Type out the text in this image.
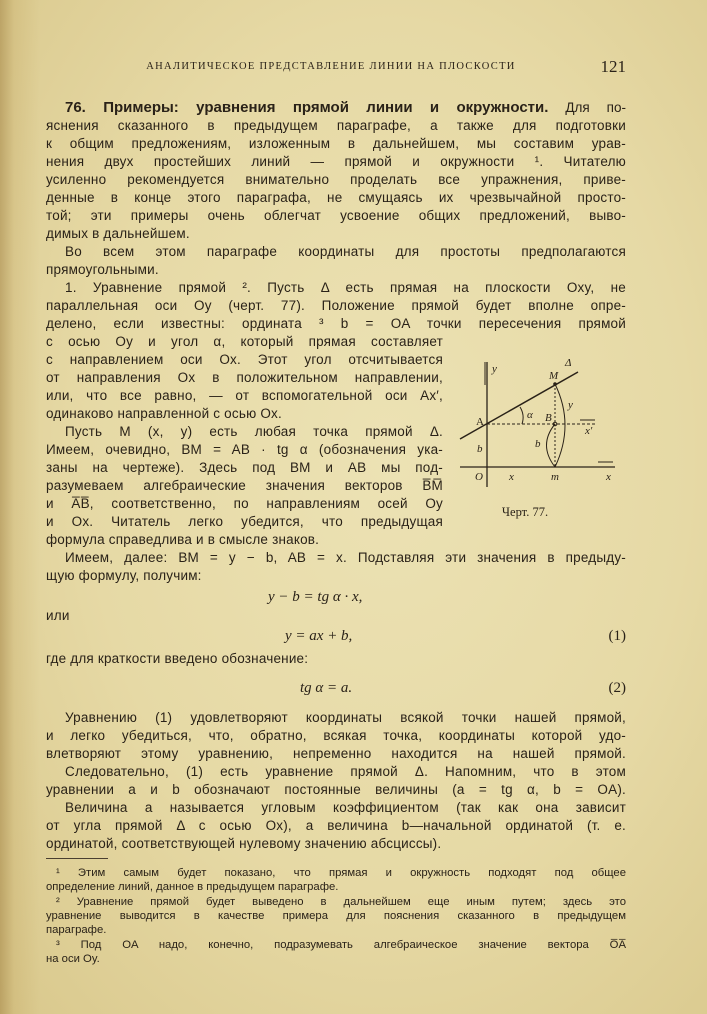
АНАЛИТИЧЕСКОЕ ПРЕДСТАВЛЕНИЕ ЛИНИИ НА ПЛОСКОСТИ	121
76. Примеры: уравнения прямой линии и окружности. Для по-
яснения сказанного в предыдущем параграфе, а также для подготовки
к общим предложениям, изложенным в дальнейшем, мы составим урав-
нения двух простейших линий — прямой и окружности ¹. Читателю
усиленно рекомендуется внимательно проделать все упражнения, приве-
денные в конце этого параграфа, не смущаясь их чрезвычайной просто-
той; эти примеры очень облегчат усвоение общих предложений, выво-
димых в дальнейшем.
Во всем этом параграфе координаты для простоты предполагаются
прямоугольными.
1. Уравнение прямой ². Пусть Δ есть прямая на плоскости Oxy, не
параллельная оси Oy (черт. 77). Положение прямой будет вполне опре-
делено, если известны: ордината ³ b = OA точки пересечения прямой
с осью Oy и угол α, который прямая составляет
с направлением оси Ox. Этот угол отсчитывается
от направления Ox в положительном направлении,
или, что все равно, — от вспомогательной оси Ax′,
одинаково направленной с осью Ox.
Пусть M (x, y) есть любая точка прямой Δ.
Имеем, очевидно, BM = AB · tg α (обозначения ука-
заны на чертеже). Здесь под BM и AB мы под-
разумеваем алгебраические значения векторов B̅M̅
и A̅B̅, соответственно, по направлениям осей Oy
и Ox. Читатель легко убедится, что предыдущая
формула справедлива и в смысле знаков.
Имеем, далее: BM = y − b, AB = x. Подставляя эти значения в предыду-
щую формулу, получим:
или
где для краткости введено обозначение:
Уравнению (1) удовлетворяют координаты всякой точки нашей прямой,
и легко убедиться, что, обратно, всякая точка, координаты которой удо-
влетворяют этому уравнению, непременно находится на нашей прямой.
Следовательно, (1) есть уравнение прямой Δ. Напомним, что в этом
уравнении a и b обозначают постоянные величины (a = tg α, b = OA).
Величина a называется угловым коэффициентом (так как она зависит
от угла прямой Δ с осью Ox), а величина b—начальной ординатой (т. е.
ординатой, соответствующей нулевому значению абсциссы).
y − b = tg α · x,
y = ax + b,	(1)
tg α = a.	(2)
y	Δ
M
y
A
α B
x′
b	b
O x	m	x
Черт. 77.
¹ Этим самым будет показано, что прямая и окружность подходят под общее
определение линий, данное в предыдущем параграфе.
² Уравнение прямой будет выведено в дальнейшем еще иным путем; здесь это
уравнение выводится в качестве примера для пояснения сказанного в предыдущем
параграфе.
³ Под OA надо, конечно, подразумевать алгебраическое значение вектора O̅A̅
на оси Oy.
